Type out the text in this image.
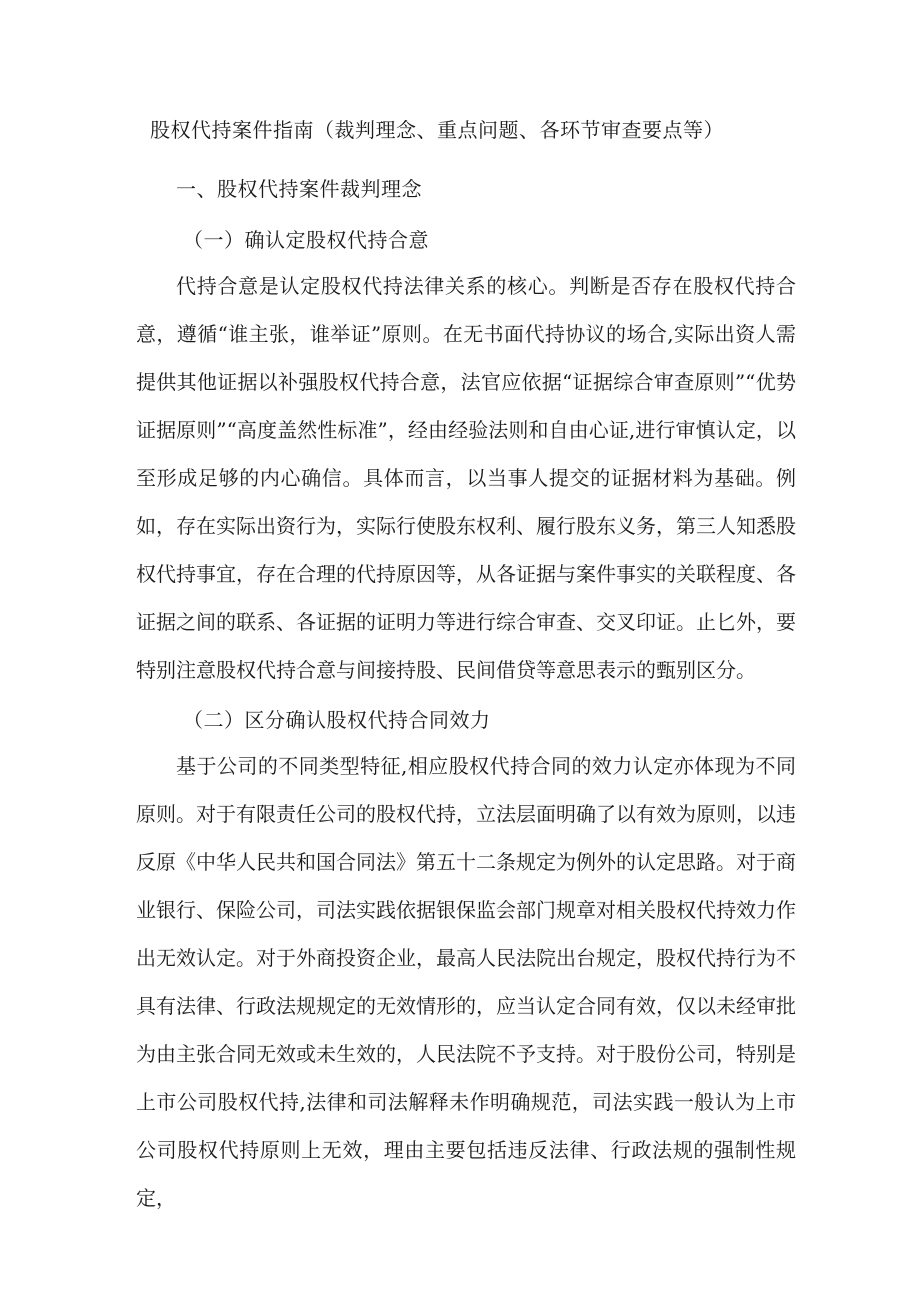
股权代持案件指南（裁判理念、重点问题、各环节审查要点等）
一、股权代持案件裁判理念
（一）确认定股权代持合意

代持合意是认定股权代持法律关系的核心。判断是否存在股权代持合意，遵循“谁主张，谁举证”原则。在无书面代持协议的场合,实际出资人需提供其他证据以补强股权代持合意，法官应依据“证据综合审查原则”“优势证据原则”“高度盖然性标准”，经由经验法则和自由心证,进行审慎认定，以至形成足够的内心确信。具体而言，以当事人提交的证据材料为基础。例如，存在实际出资行为，实际行使股东权利、履行股东义务，第三人知悉股权代持事宜，存在合理的代持原因等，从各证据与案件事实的关联程度、各证据之间的联系、各证据的证明力等进行综合审查、交叉印证。止匕外，要特别注意股权代持合意与间接持股、民间借贷等意思表示的甄别区分。

（二）区分确认股权代持合同效力

基于公司的不同类型特征,相应股权代持合同的效力认定亦体现为不同原则。对于有限责任公司的股权代持，立法层面明确了以有效为原则，以违反原《中华人民共和国合同法》第五十二条规定为例外的认定思路。对于商业银行、保险公司，司法实践依据银保监会部门规章对相关股权代持效力作出无效认定。对于外商投资企业，最高人民法院出台规定，股权代持行为不具有法律、行政法规规定的无效情形的，应当认定合同有效，仅以未经审批为由主张合同无效或未生效的，人民法院不予支持。对于股份公司，特别是上市公司股权代持,法律和司法解释未作明确规范，司法实践一般认为上市公司股权代持原则上无效，理由主要包括违反法律、行政法规的强制性规定，
